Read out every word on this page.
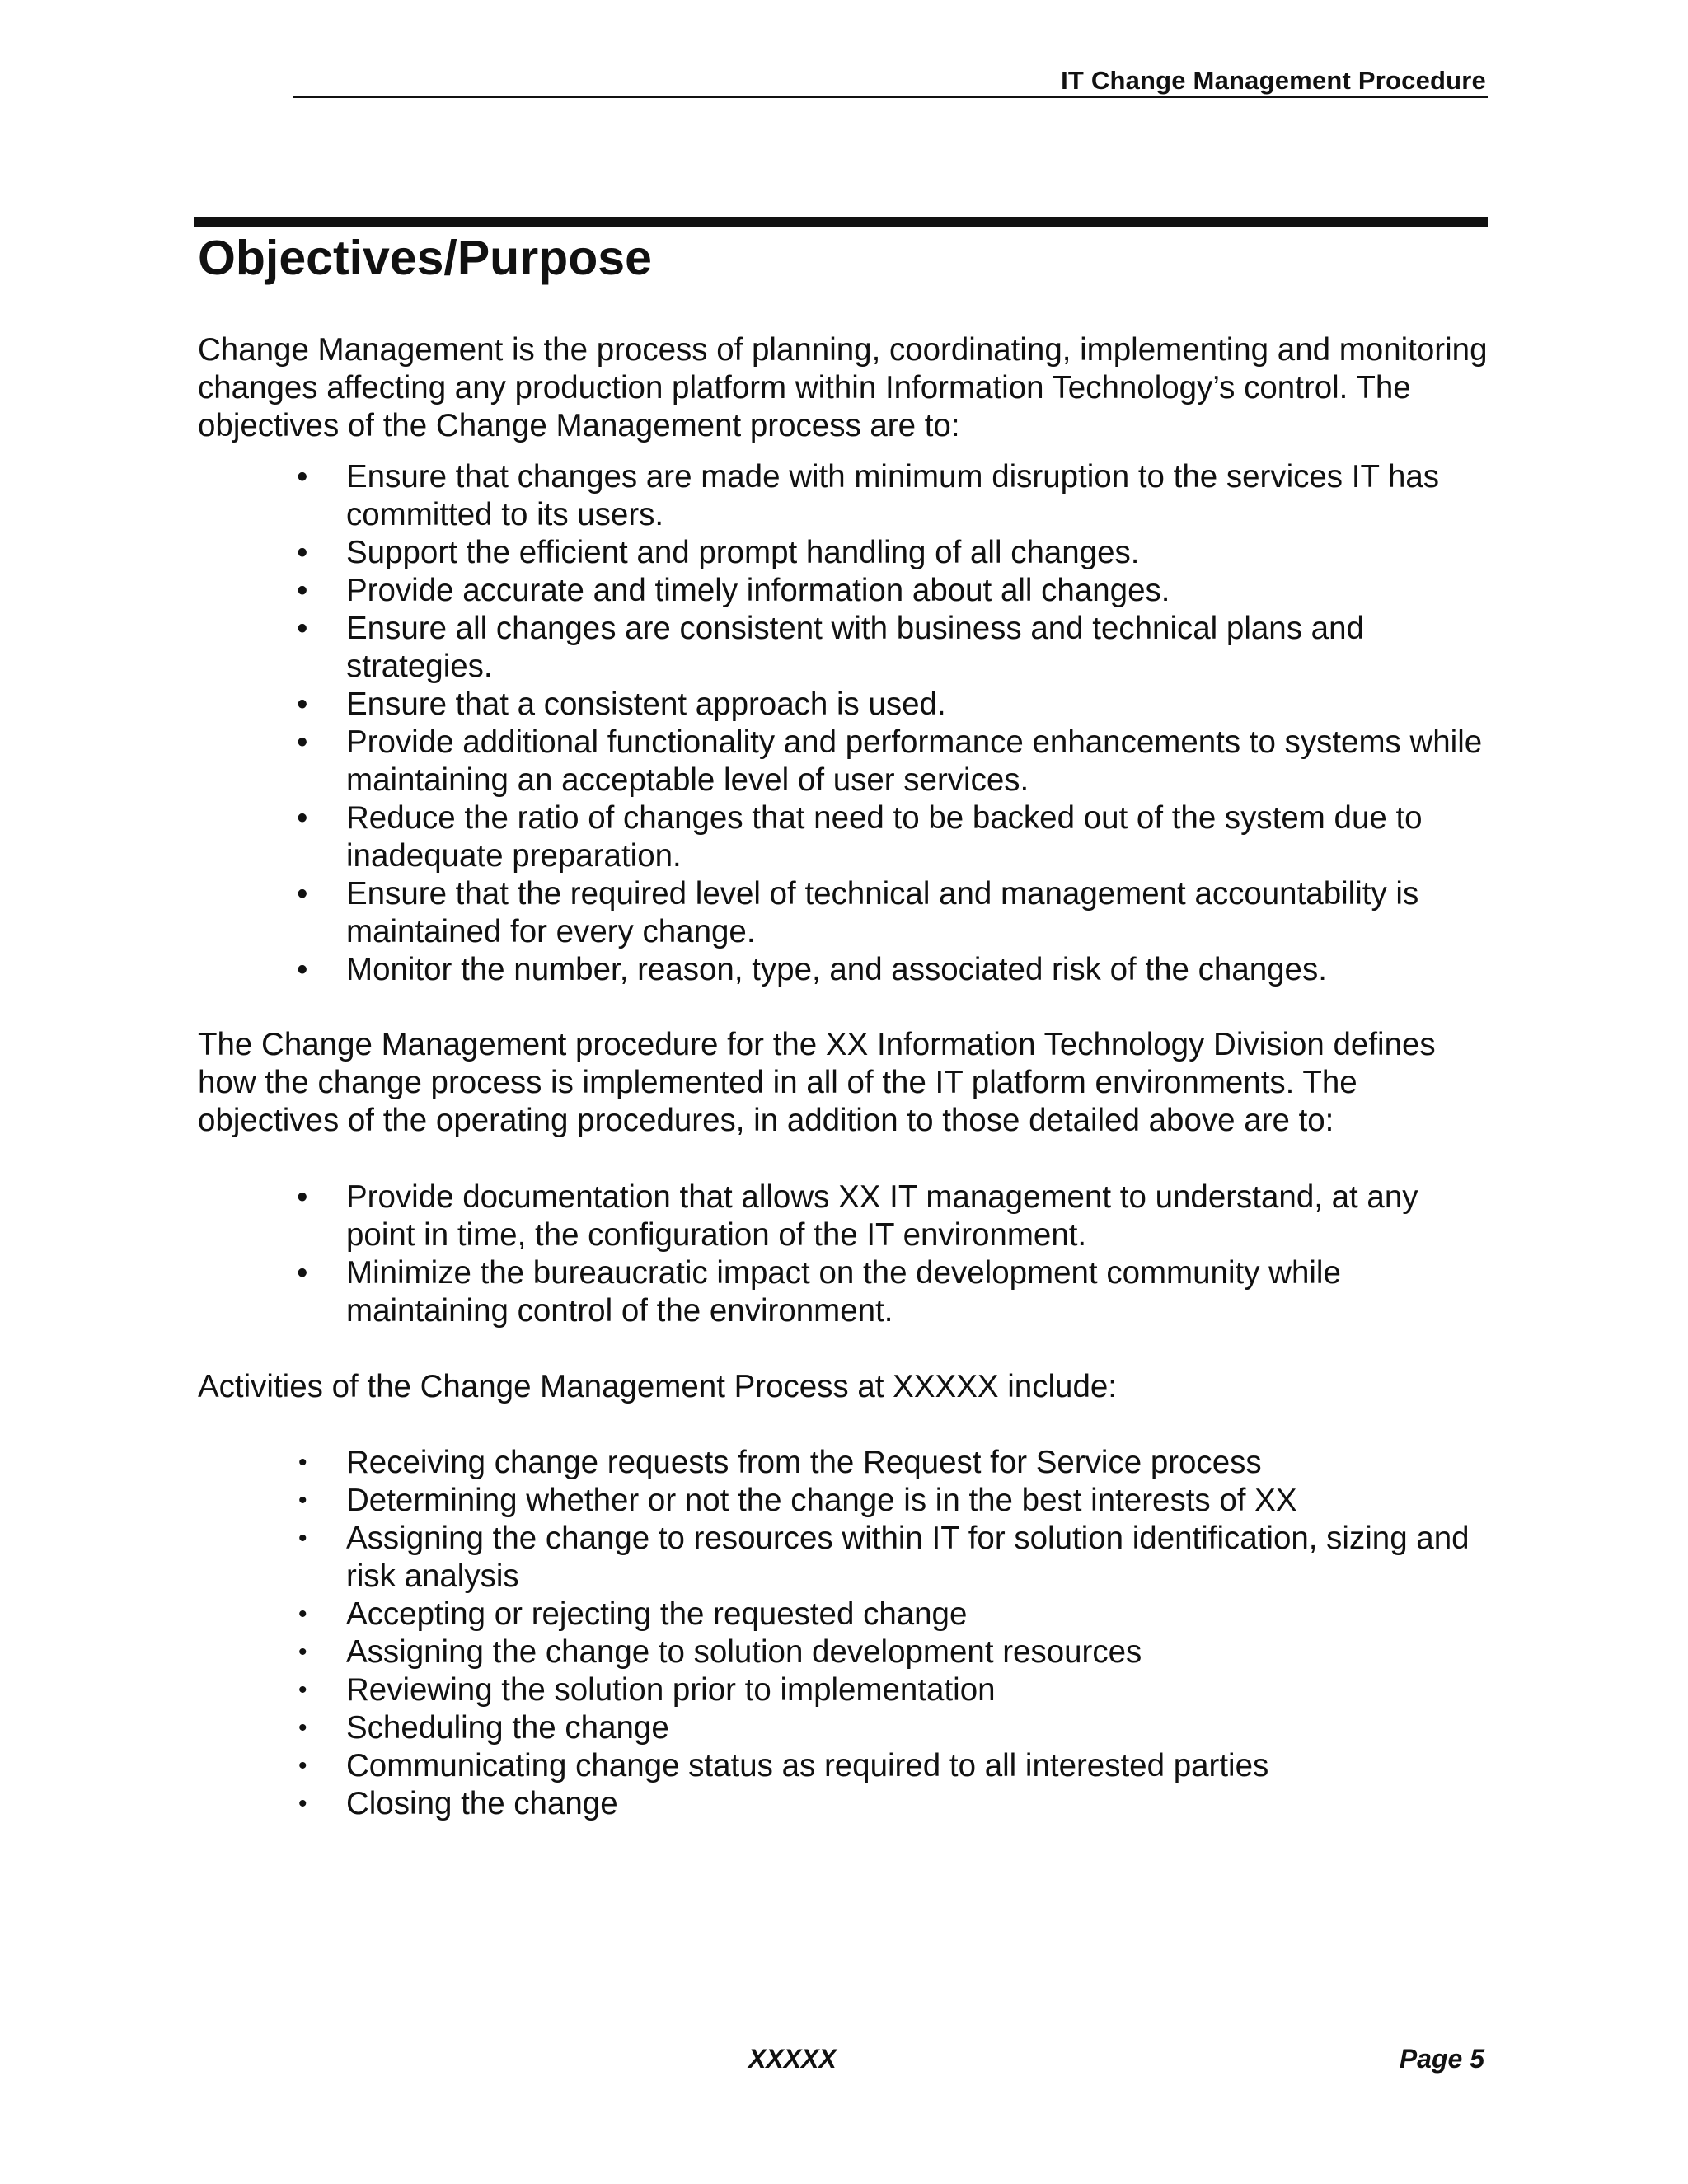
IT Change Management Procedure
Objectives/Purpose

Change Management is the process of planning, coordinating, implementing and monitoring changes affecting any production platform within Information Technology’s control. The objectives of the Change Management process are to:

• Ensure that changes are made with minimum disruption to the services IT has committed to its users.
• Support the efficient and prompt handling of all changes.
• Provide accurate and timely information about all changes.
• Ensure all changes are consistent with business and technical plans and strategies.
• Ensure that a consistent approach is used.
• Provide additional functionality and performance enhancements to systems while maintaining an acceptable level of user services.
• Reduce the ratio of changes that need to be backed out of the system due to inadequate preparation.
• Ensure that the required level of technical and management accountability is maintained for every change.
• Monitor the number, reason, type, and associated risk of the changes.

The Change Management procedure for the XX Information Technology Division defines how the change process is implemented in all of the IT platform environments. The objectives of the operating procedures, in addition to those detailed above are to:

• Provide documentation that allows XX IT management to understand, at any point in time, the configuration of the IT environment.
• Minimize the bureaucratic impact on the development community while maintaining control of the environment.

Activities of the Change Management Process at XXXXX include:

• Receiving change requests from the Request for Service process
• Determining whether or not the change is in the best interests of XX
• Assigning the change to resources within IT for solution identification, sizing and risk analysis
• Accepting or rejecting the requested change
• Assigning the change to solution development resources
• Reviewing the solution prior to implementation
• Scheduling the change
• Communicating change status as required to all interested parties
• Closing the change
XXXXX	Page 5
